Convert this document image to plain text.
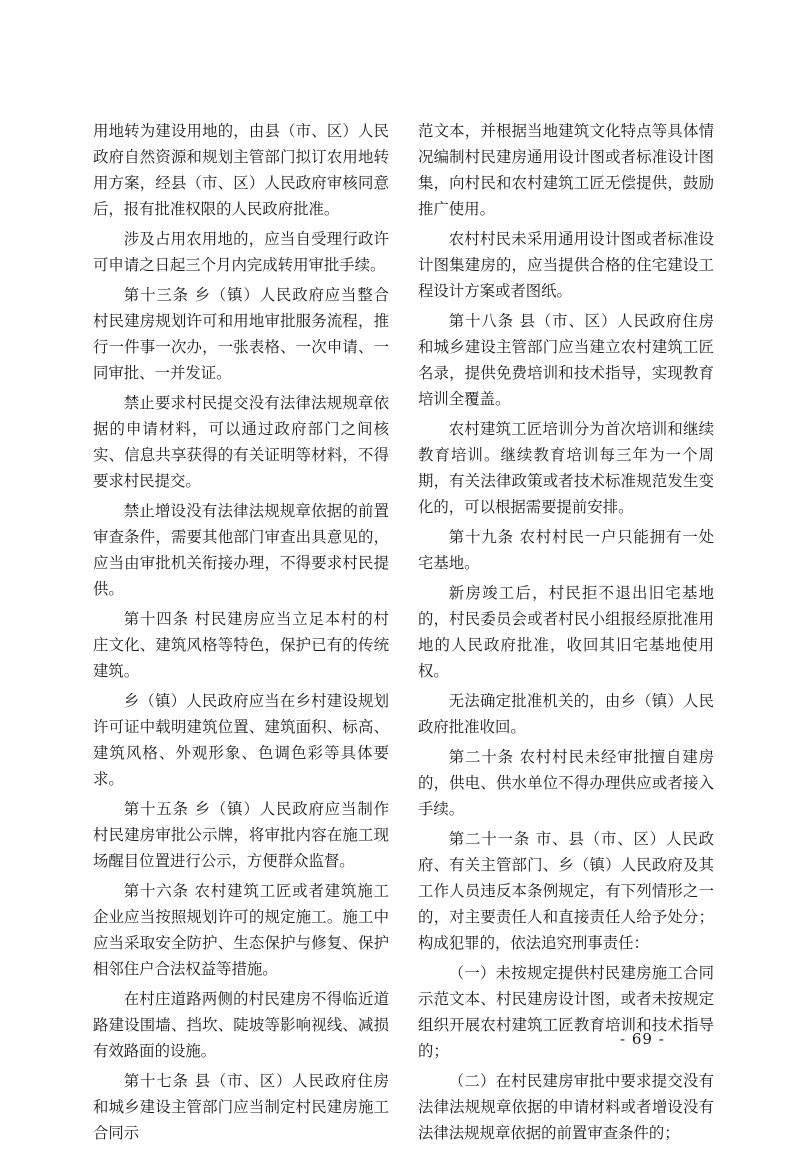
用地转为建设用地的，由县（市、区）人民政府自然资源和规划主管部门拟订农用地转用方案，经县（市、区）人民政府审核同意后，报有批准权限的人民政府批准。

涉及占用农用地的，应当自受理行政许可申请之日起三个月内完成转用审批手续。

第十三条 乡（镇）人民政府应当整合村民建房规划许可和用地审批服务流程，推行一件事一次办，一张表格、一次申请、一同审批、一并发证。

禁止要求村民提交没有法律法规规章依据的申请材料，可以通过政府部门之间核实、信息共享获得的有关证明等材料，不得要求村民提交。

禁止增设没有法律法规规章依据的前置审查条件，需要其他部门审查出具意见的，应当由审批机关衔接办理，不得要求村民提供。

第十四条 村民建房应当立足本村的村庄文化、建筑风格等特色，保护已有的传统建筑。

乡（镇）人民政府应当在乡村建设规划许可证中载明建筑位置、建筑面积、标高、建筑风格、外观形象、色调色彩等具体要求。

第十五条 乡（镇）人民政府应当制作村民建房审批公示牌，将审批内容在施工现场醒目位置进行公示，方便群众监督。

第十六条 农村建筑工匠或者建筑施工企业应当按照规划许可的规定施工。施工中应当采取安全防护、生态保护与修复、保护相邻住户合法权益等措施。

在村庄道路两侧的村民建房不得临近道路建设围墙、挡坎、陡坡等影响视线、减损有效路面的设施。

第十七条 县（市、区）人民政府住房和城乡建设主管部门应当制定村民建房施工合同示

范文本，并根据当地建筑文化特点等具体情况编制村民建房通用设计图或者标准设计图集，向村民和农村建筑工匠无偿提供，鼓励推广使用。

农村村民未采用通用设计图或者标准设计图集建房的，应当提供合格的住宅建设工程设计方案或者图纸。

第十八条 县（市、区）人民政府住房和城乡建设主管部门应当建立农村建筑工匠名录，提供免费培训和技术指导，实现教育培训全覆盖。

农村建筑工匠培训分为首次培训和继续教育培训。继续教育培训每三年为一个周期，有关法律政策或者技术标准规范发生变化的，可以根据需要提前安排。

第十九条 农村村民一户只能拥有一处宅基地。

新房竣工后，村民拒不退出旧宅基地的，村民委员会或者村民小组报经原批准用地的人民政府批准，收回其旧宅基地使用权。

无法确定批准机关的，由乡（镇）人民政府批准收回。

第二十条 农村村民未经审批擅自建房的，供电、供水单位不得办理供应或者接入手续。

第二十一条 市、县（市、区）人民政府、有关主管部门、乡（镇）人民政府及其工作人员违反本条例规定，有下列情形之一的，对主要责任人和直接责任人给予处分；构成犯罪的，依法追究刑事责任：

（一）未按规定提供村民建房施工合同示范文本、村民建房设计图，或者未按规定组织开展农村建筑工匠教育培训和技术指导的；

（二）在村民建房审批中要求提交没有法律法规规章依据的申请材料或者增设没有法律法规规章依据的前置审查条件的；

- 69 -
